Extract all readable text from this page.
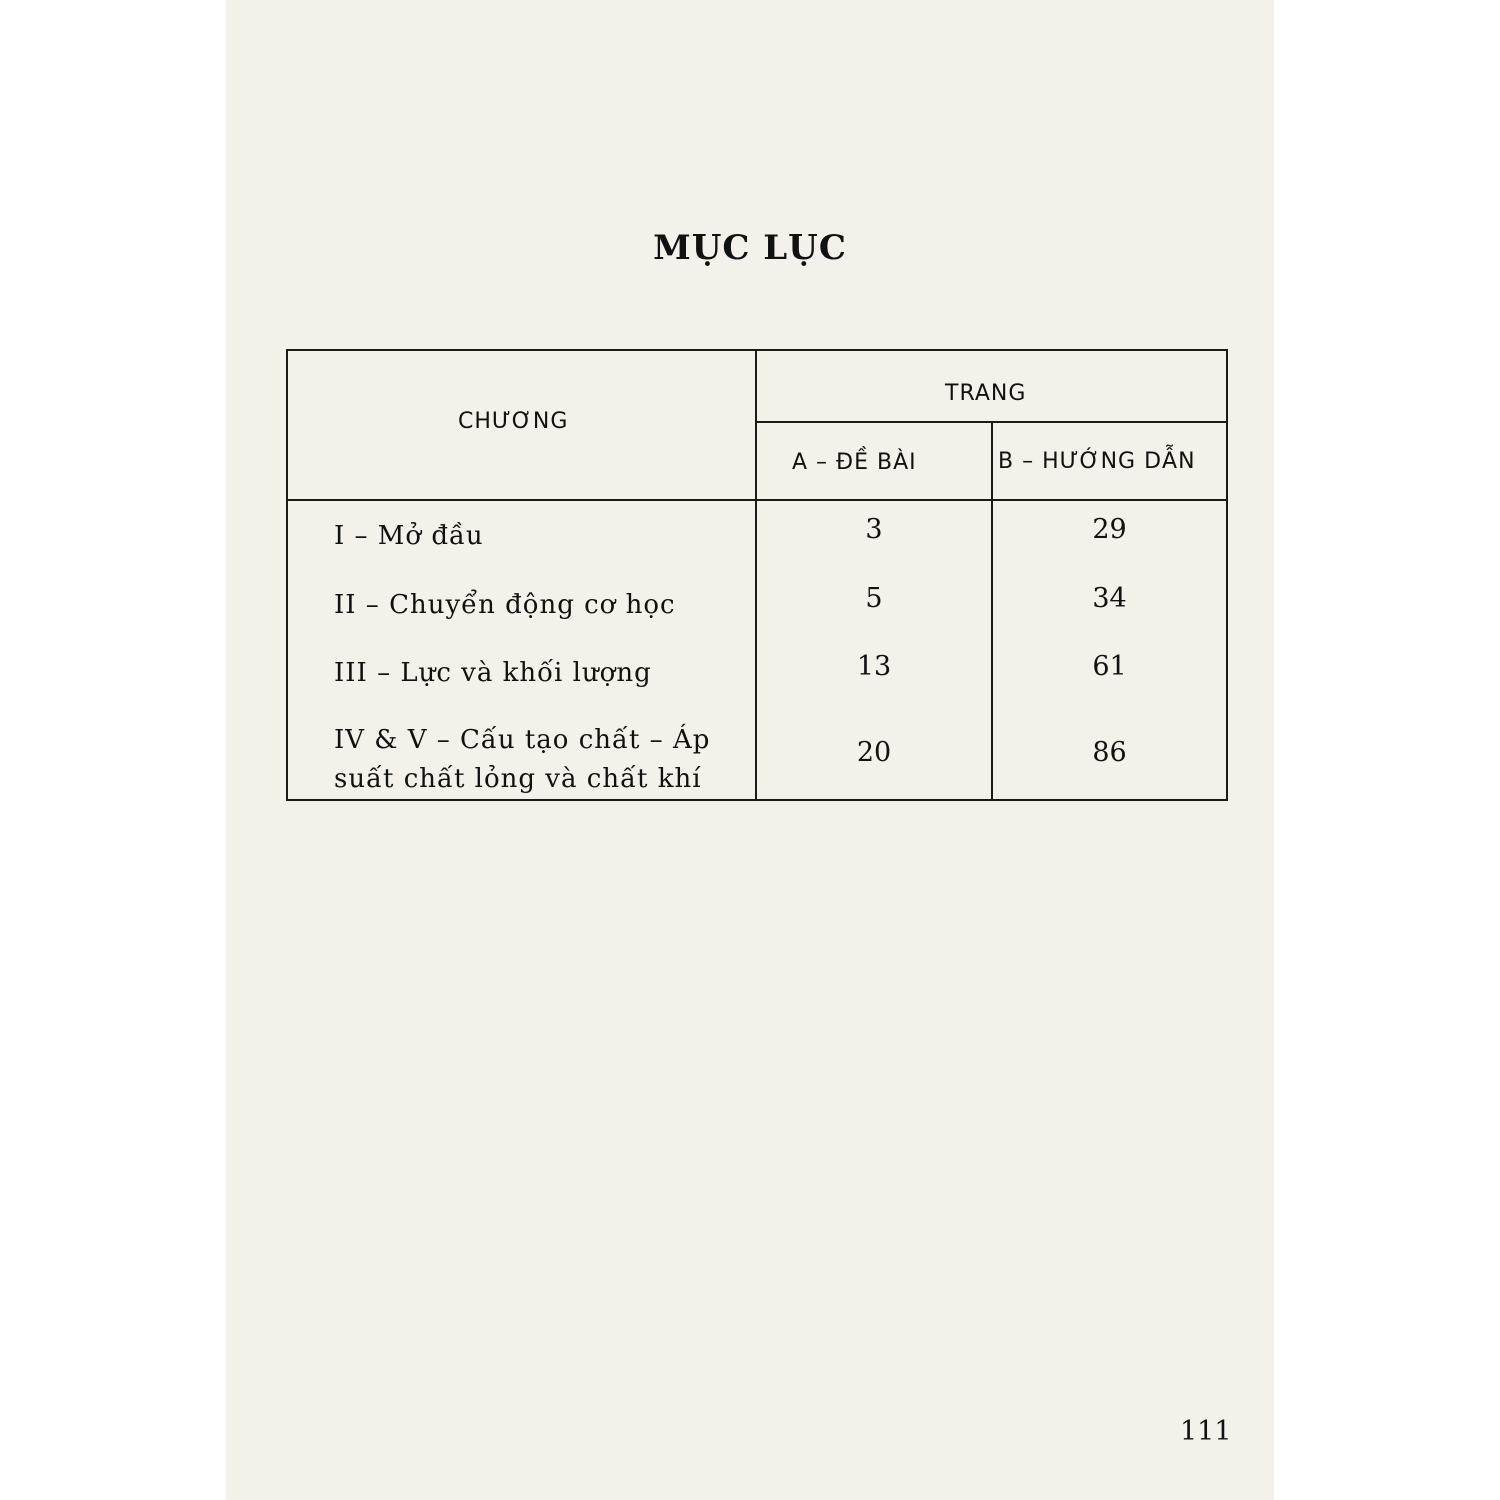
MỤC LỤC
CHƯƠNG
TRANG
A – ĐỀ BÀI	B – HƯỚNG DẪN
I – Mở đầu	3	29
II – Chuyển động cơ học	5	34
III – Lực và khối lượng	13	61
IV & V – Cấu tạo chất – Áp
suất chất lỏng và chất khí
20	86
111
